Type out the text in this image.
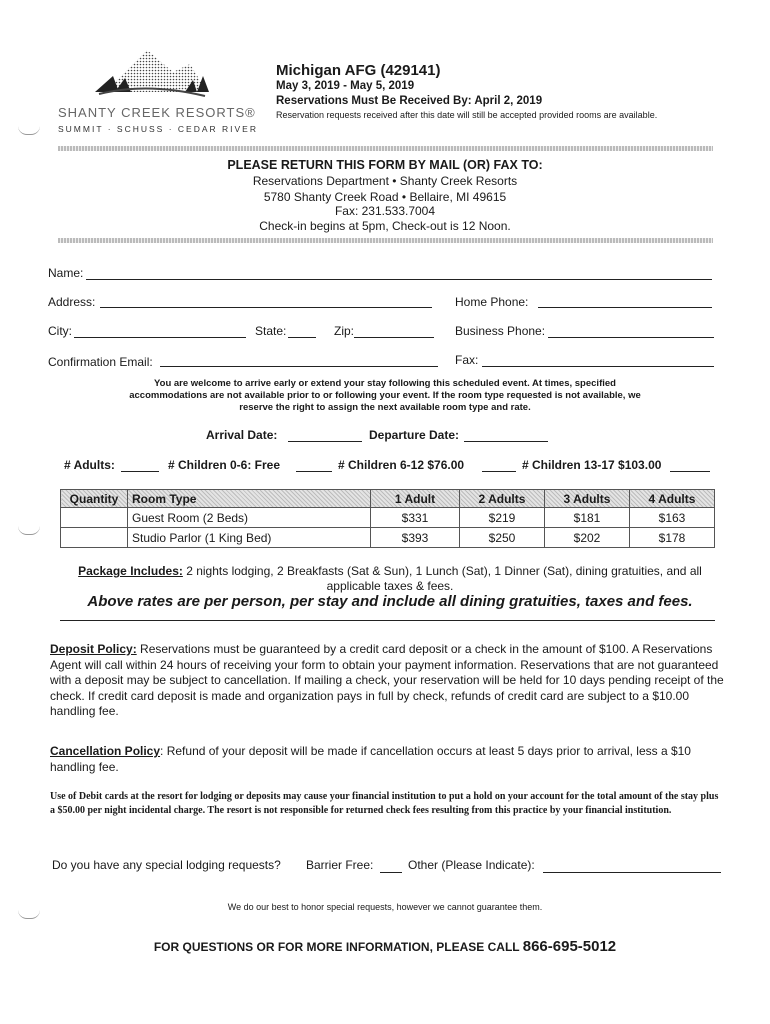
SHANTY CREEK RESORTS®
SUMMIT · SCHUSS · CEDAR RIVER
Michigan AFG (429141)
May 3, 2019 - May 5, 2019
Reservations Must Be Received By: April 2, 2019
Reservation requests received after this date will still be accepted provided rooms are available.
PLEASE RETURN THIS FORM BY MAIL (OR) FAX TO:
Reservations Department • Shanty Creek Resorts
5780 Shanty Creek Road • Bellaire, MI 49615
Fax: 231.533.7004
Check-in begins at 5pm, Check-out is 12 Noon.
Name:
Address:	Home Phone:
City:	State:	Zip:	Business Phone:
Confirmation Email:	Fax:
You are welcome to arrive early or extend your stay following this scheduled event. At times, specified accommodations are not available prior to or following your event. If the room type requested is not available, we reserve the right to assign the next available room type and rate.
Arrival Date:	Departure Date:
# Adults:	# Children 0-6: Free	# Children 6-12 $76.00	# Children 13-17 $103.00
Quantity	Room Type	1 Adult	2 Adults	3 Adults	4 Adults
	Guest Room (2 Beds)	$331	$219	$181	$163
	Studio Parlor (1 King Bed)	$393	$250	$202	$178
Package Includes: 2 nights lodging, 2 Breakfasts (Sat & Sun), 1 Lunch (Sat), 1 Dinner (Sat), dining gratuities, and all applicable taxes & fees.
Above rates are per person, per stay and include all dining gratuities, taxes and fees.
Deposit Policy: Reservations must be guaranteed by a credit card deposit or a check in the amount of $100. A Reservations Agent will call within 24 hours of receiving your form to obtain your payment information. Reservations that are not guaranteed with a deposit may be subject to cancellation. If mailing a check, your reservation will be held for 10 days pending receipt of the check. If credit card deposit is made and organization pays in full by check, refunds of credit card are subject to a $10.00 handling fee.
Cancellation Policy: Refund of your deposit will be made if cancellation occurs at least 5 days prior to arrival, less a $10 handling fee.
Use of Debit cards at the resort for lodging or deposits may cause your financial institution to put a hold on your account for the total amount of the stay plus a $50.00 per night incidental charge. The resort is not responsible for returned check fees resulting from this practice by your financial institution.
Do you have any special lodging requests? Barrier Free:	Other (Please Indicate):
We do our best to honor special requests, however we cannot guarantee them.
FOR QUESTIONS OR FOR MORE INFORMATION, PLEASE CALL 866-695-5012
